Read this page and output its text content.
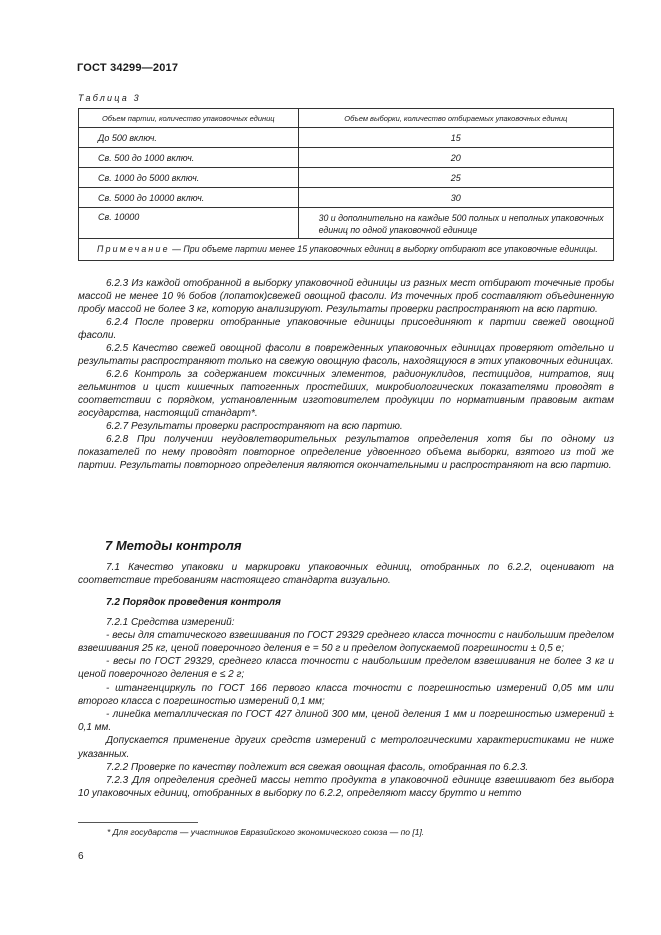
ГОСТ 34299—2017
Таблица 3
Объем партии, количество упаковочных единиц	Объем выборки, количество отбираемых упаковочных единиц
До 500 включ.	15
Св. 500 до 1000 включ.	20
Св. 1000 до 5000 включ.	25
Св. 5000 до 10000 включ.	30
Св. 10000	30 и дополнительно на каждые 500 полных и неполных упаковочных единиц по одной упаковочной единице
Примечание — При объеме партии менее 15 упаковочных единиц в выборку отбирают все упаковочные единицы.	

6.2.3 Из каждой отобранной в выборку упаковочной единицы из разных мест отбирают точечные пробы массой не менее 10 % бобов (лопаток)свежей овощной фасоли. Из точечных проб составляют объединенную пробу массой не более 3 кг, которую анализируют. Результаты проверки распространяют на всю партию.

6.2.4 После проверки отобранные упаковочные единицы присоединяют к партии свежей овощной фасоли.

6.2.5 Качество свежей овощной фасоли в поврежденных упаковочных единицах проверяют отдельно и результаты распространяют только на свежую овощную фасоль, находящуюся в этих упаковочных единицах.

6.2.6 Контроль за содержанием токсичных элементов, радионуклидов, пестицидов, нитратов, яиц гельминтов и цист кишечных патогенных простейших, микробиологических показателями проводят в соответствии с порядком, установленным изготовителем продукции по нормативным правовым актам государства, настоящий стандарт*.

6.2.7 Результаты проверки распространяют на всю партию.

6.2.8 При получении неудовлетворительных результатов определения хотя бы по одному из показателей по нему проводят повторное определение удвоенного объема выборки, взятого из той же партии. Результаты повторного определения являются окончательными и распространяют на всю партию.

7 Методы контроля

7.1 Качество упаковки и маркировки упаковочных единиц, отобранных по 6.2.2, оценивают на соответствие требованиям настоящего стандарта визуально.

7.2 Порядок проведения контроля

7.2.1 Средства измерений:

- весы для статического взвешивания по ГОСТ 29329 среднего класса точности с наибольшим пределом взвешивания 25 кг, ценой поверочного деления e = 50 г и пределом допускаемой погрешности ± 0,5 e;

- весы по ГОСТ 29329, среднего класса точности с наибольшим пределом взвешивания не более 3 кг и ценой поверочного деления e ≤ 2 г;

- штангенциркуль по ГОСТ 166 первого класса точности с погрешностью измерений 0,05 мм или второго класса с погрешностью измерений 0,1 мм;

- линейка металлическая по ГОСТ 427 длиной 300 мм, ценой деления 1 мм и погрешностью измерений ± 0,1 мм.

Допускается применение других средств измерений с метрологическими характеристиками не ниже указанных.

7.2.2 Проверке по качеству подлежит вся свежая овощная фасоль, отобранная по 6.2.3.

7.2.3 Для определения средней массы нетто продукта в упаковочной единице взвешивают без выбора 10 упаковочных единиц, отобранных в выборку по 6.2.2, определяют массу брутто и нетто

* Для государств — участников Евразийского экономического союза — по [1].
6
